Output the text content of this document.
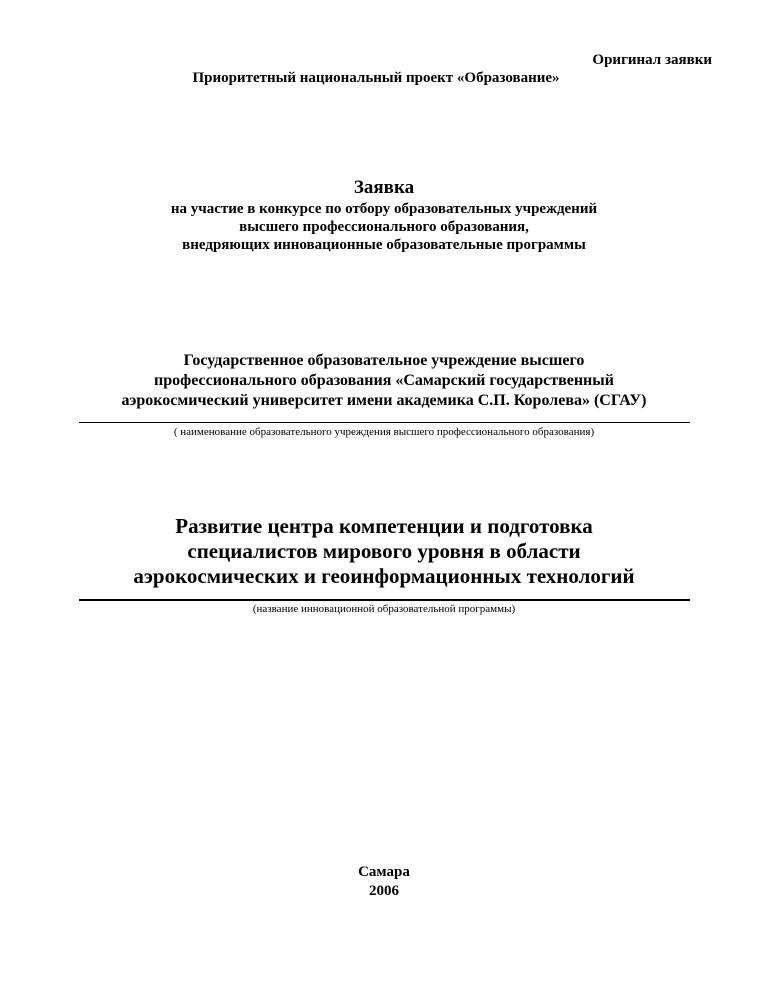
Оригинал заявки
Приоритетный национальный проект «Образование»
Заявка
на участие в конкурсе по отбору образовательных учреждений
высшего профессионального образования,
внедряющих инновационные образовательные программы
Государственное образовательное учреждение высшего
профессионального образования «Самарский государственный
аэрокосмический университет имени академика С.П. Королева» (СГАУ)
( наименование образовательного учреждения высшего профессионального образования)
Развитие центра компетенции и подготовка
специалистов мирового уровня в области
аэрокосмических и геоинформационных технологий
(название инновационной образовательной программы)
Самара
2006
